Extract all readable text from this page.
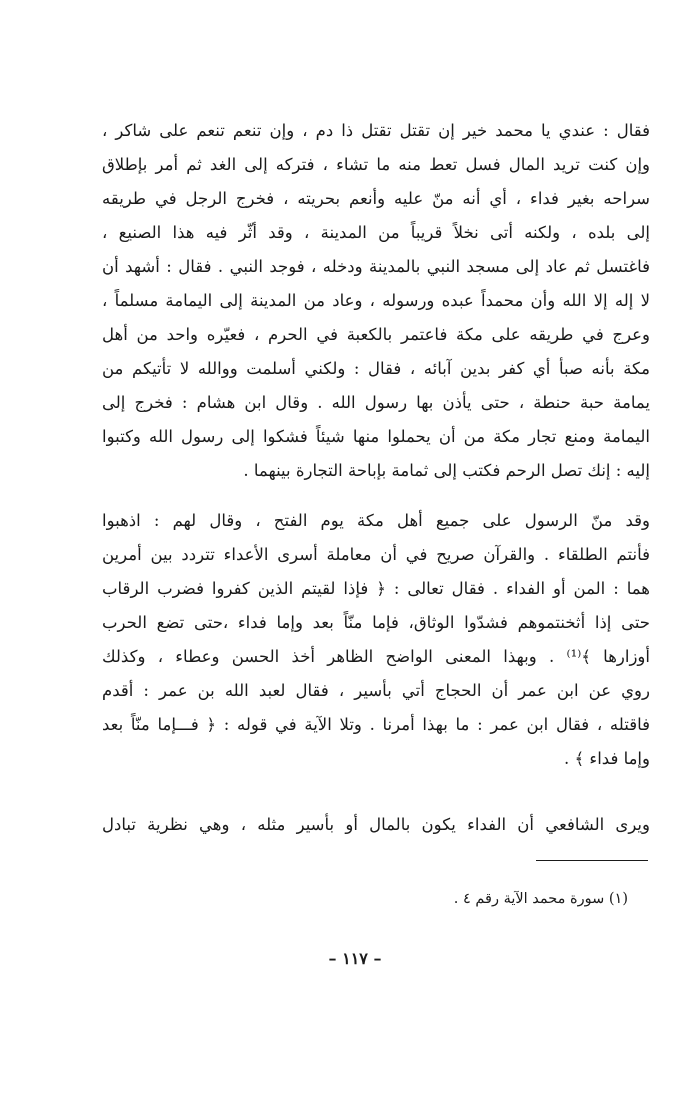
فقال : عندي يا محمد خير إن تقتل تقتل ذا دم ، وإن تنعم تنعم على شاكر ،
وإن كنت تريد المال فسل تعط منه ما تشاء ، فتركه إلى الغد ثم أمر بإطلاق
سراحه بغير فداء ، أي أنه منّ عليه وأنعم بحريته ، فخرج الرجل في طريقه
إلى بلده ، ولكنه أتى نخلاً قريباً من المدينة ، وقد أثّر فيه هذا الصنيع ،
فاغتسل ثم عاد إلى مسجد النبي بالمدينة ودخله ، فوجد النبي . فقال : أشهد أن
لا إله إلا الله وأن محمداً عبده ورسوله ، وعاد من المدينة إلى اليمامة مسلماً ،
وعرج في طريقه على مكة فاعتمر بالكعبة في الحرم ، فعيّره واحد من أهل
مكة بأنه صبأ أي كفر بدين آبائه ، فقال : ولكني أسلمت ووالله لا تأتيكم من
يمامة حبة حنطة ، حتى يأذن بها رسول الله . وقال ابن هشام : فخرج إلى
اليمامة ومنع تجار مكة من أن يحملوا منها شيئاً فشكوا إلى رسول الله وكتبوا
إليه : إنك تصل الرحم فكتب إلى ثمامة بإباحة التجارة بينهما .
وقد منّ الرسول على جميع أهل مكة يوم الفتح ، وقال لهم : اذهبوا
فأنتم الطلقاء . والقرآن صريح في أن معاملة أسرى الأعداء تتردد بين أمرين
هما : المن أو الفداء . فقال تعالى : ﴿ فإذا لقيتم الذين كفروا فضرب الرقاب
حتى إذا أثخنتموهم فشدّوا الوثاق، فإما منّاً بعد وإما فداء ،حتى تضع الحرب
أوزارها ﴾⁽¹⁾ . وبهذا المعنى الواضح الظاهر أخذ الحسن وعطاء ، وكذلك
روي عن ابن عمر أن الحجاج أتي بأسير ، فقال لعبد الله بن عمر : أقدم
فاقتله ، فقال ابن عمر : ما بهذا أمرنا . وتلا الآية في قوله : ﴿ فـــإما منّاً بعد
وإما فداء ﴾ .
ويرى الشافعي أن الفداء يكون بالمال أو بأسير مثله ، وهي نظرية تبادل
(١) سورة محمد الآية رقم ٤ .
– ١١٧ –
